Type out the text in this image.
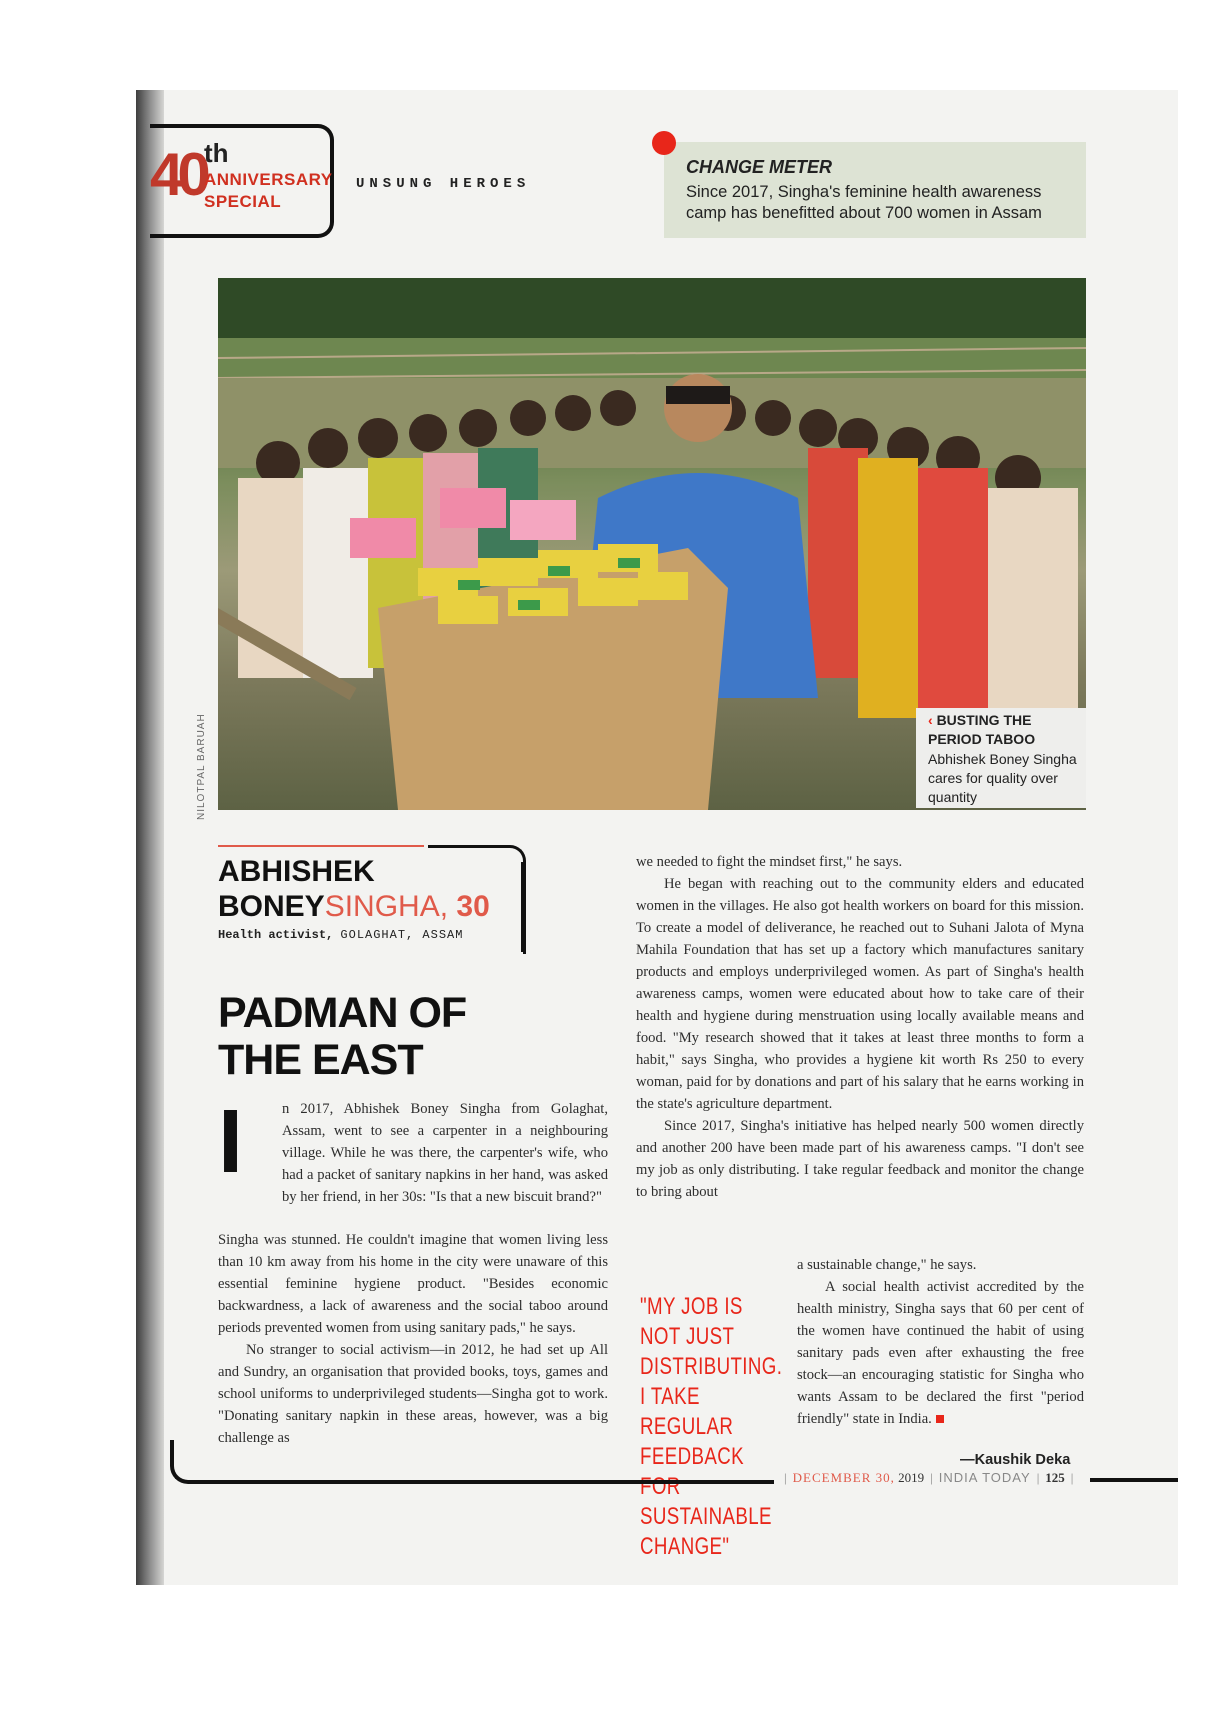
40 th
ANNIVERSARY
SPECIAL
UNSUNG HEROES
CHANGE METER
Since 2017, Singha's feminine health awareness camp has benefitted about 700 women in Assam
NILOTPAL BARUAH	‹ BUSTING THE
PERIOD TABOO
Abhishek Boney Singha cares for quality over quantity
ABHISHEK
BONEYSINGHA, 30
Health activist, GOLAGHAT, ASSAM
PADMAN OF THE EAST
I	n 2017, Abhishek Boney Singha from Golaghat, Assam, went to see a carpenter in a neighbouring village. While he was there, the carpenter's wife, who had a packet of sanitary napkins in her hand, was asked by her friend, in her 30s: "Is that a new biscuit brand?"

Singha was stunned. He couldn't imagine that women living less than 10 km away from his home in the city were unaware of this essential feminine hygiene product. "Besides economic backwardness, a lack of awareness and the social taboo around periods prevented women from using sanitary pads," he says.

No stranger to social activism—in 2012, he had set up All and Sundry, an organisation that provided books, toys, games and school uniforms to underprivileged students—Singha got to work. "Donating sanitary napkin in these areas, however, was a big challenge as

we needed to fight the mindset first," he says.

He began with reaching out to the community elders and educated women in the villages. He also got health workers on board for this mission. To create a model of deliverance, he reached out to Suhani Jalota of Myna Mahila Foundation that has set up a factory which manufactures sanitary products and employs underprivileged women. As part of Singha's health awareness camps, women were educated about how to take care of their health and hygiene during menstruation using locally available means and food. "My research showed that it takes at least three months to form a habit," says Singha, who provides a hygiene kit worth Rs 250 to every woman, paid for by donations and part of his salary that he earns working in the state's agriculture department.

Since 2017, Singha's initiative has helped nearly 500 women directly and another 200 have been made part of his awareness camps. "I don't see my job as only distributing. I take regular feedback and monitor the change to bring about

a sustainable change," he says.

A social health activist accredited by the health ministry, Singha says that 60 per cent of the women have continued the habit of using sanitary pads even after exhausting the free stock—an encouraging statistic for Singha who wants Assam to be declared the first "period friendly" state in India.

—Kaushik Deka
"MY JOB IS NOT JUST DISTRIBUTING. I TAKE REGULAR FEEDBACK FOR SUSTAINABLE CHANGE"
| DECEMBER 30, 2019 | INDIA TODAY | 125 |
